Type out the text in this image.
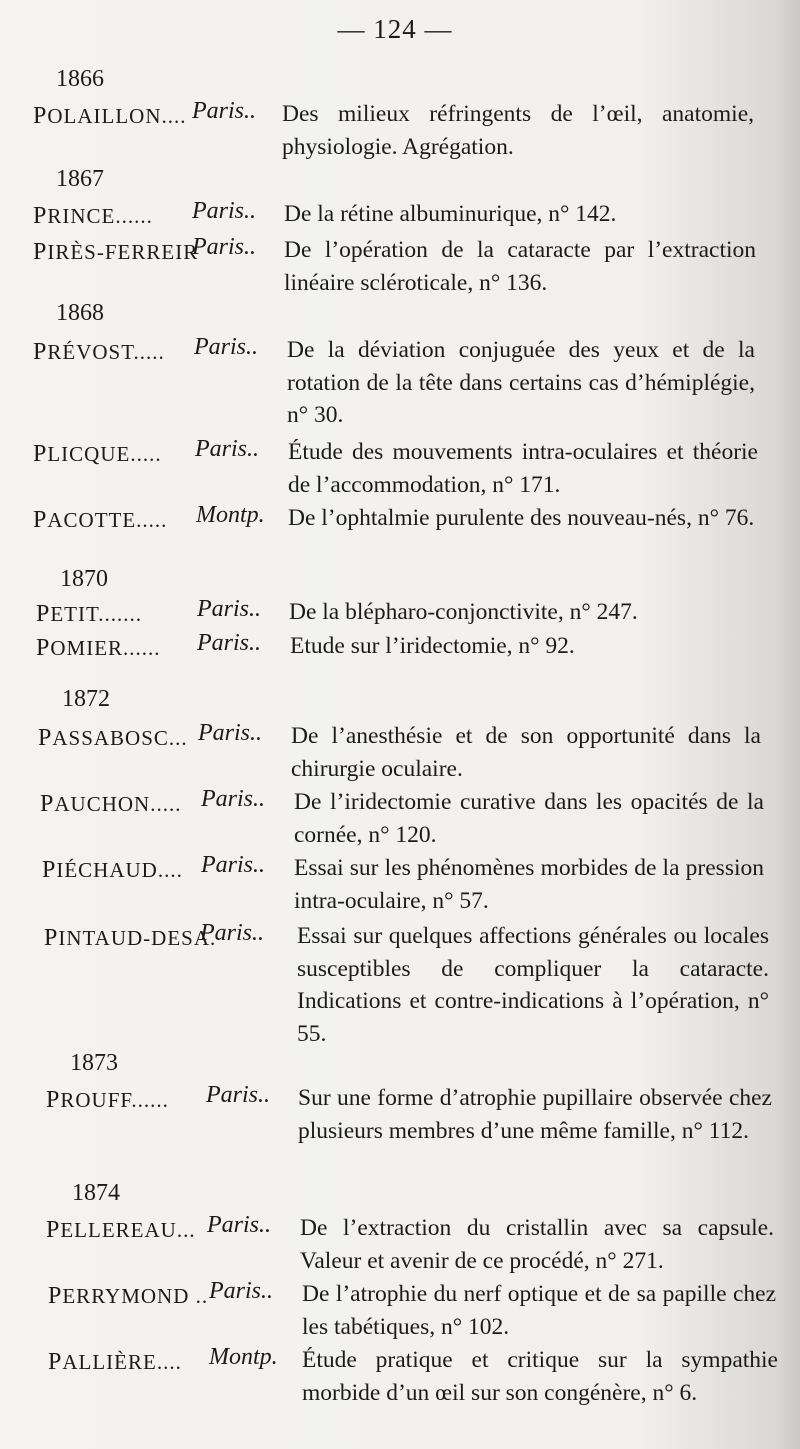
— 124 —
1866
POLAILLON.... Paris.. Des milieux réfringents de l’œil, anatomie, physiologie. Agrégation.
1867
PRINCE...... Paris.. De la rétine albuminurique, n° 142.
PIRÈS-FERREIR
Paris.. De l’opération de la cataracte par l’extraction linéaire scléroticale, n° 136.
1868
PRÉVOST..... Paris.. De la déviation conjuguée des yeux et de la rotation de la tête dans certains cas d’hémiplégie, n° 30.
PLICQUE..... Paris.. Étude des mouvements intra-oculaires et théorie de l’accommodation, n° 171.
PACOTTE..... Montp. De l’ophtalmie purulente des nouveau-nés, n° 76.
1870
PETIT....... Paris.. De la blépharo-conjonctivite, n° 247.
POMIER...... Paris.. Etude sur l’iridectomie, n° 92.
1872
PASSABOSC... Paris.. De l’anesthésie et de son opportunité dans la chirurgie oculaire.
PAUCHON..... Paris.. De l’iridectomie curative dans les opacités de la cornée, n° 120.
PIÉCHAUD.... Paris.. Essai sur les phénomènes morbides de la pression intra-oculaire, n° 57.
PINTAUD-DESA.
Paris.. Essai sur quelques affections générales ou locales susceptibles de compliquer la cataracte. Indications et contre-indications à l’opération, n° 55.
1873
PROUFF...... Paris.. Sur une forme d’atrophie pupillaire observée chez plusieurs membres d’une même famille, n° 112.
1874
PELLEREAU... Paris.. De l’extraction du cristallin avec sa capsule. Valeur et avenir de ce procédé, n° 271.
PERRYMOND .. Paris.. De l’atrophie du nerf optique et de sa papille chez les tabétiques, n° 102.
PALLIÈRE.... Montp. Étude pratique et critique sur la sympathie morbide d’un œil sur son congénère, n° 6.
